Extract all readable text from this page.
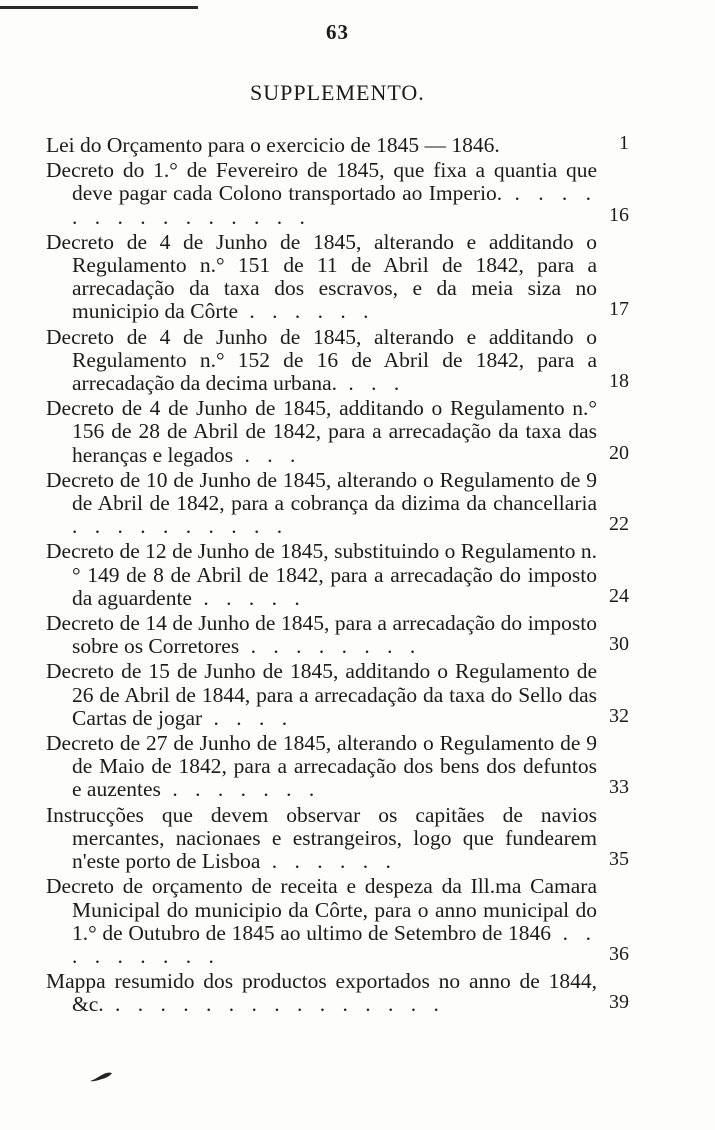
63
SUPPLEMENTO.
Lei do Orçamento para o exercicio de 1845 — 1846.	1
Decreto do 1.° de Fevereiro de 1845, que fixa a quantia que deve pagar cada Colono transportado ao Imperio. . . . . . . . . . . . . . . .	16
Decreto de 4 de Junho de 1845, alterando e additando o Regulamento n.° 151 de 11 de Abril de 1842, para a arrecadação da taxa dos escravos, e da meia siza no municipio da Côrte . . . . . .	17
Decreto de 4 de Junho de 1845, alterando e additando o Regulamento n.° 152 de 16 de Abril de 1842, para a arrecadação da decima urbana. . . .	18
Decreto de 4 de Junho de 1845, additando o Regulamento n.° 156 de 28 de Abril de 1842, para a arrecadação da taxa das heranças e legados . . .	20
Decreto de 10 de Junho de 1845, alterando o Regulamento de 9 de Abril de 1842, para a cobrança da dizima da chancellaria . . . . . . . . . .	22
Decreto de 12 de Junho de 1845, substituindo o Regulamento n.° 149 de 8 de Abril de 1842, para a arrecadação do imposto da aguardente . . . . .	24
Decreto de 14 de Junho de 1845, para a arrecadação do imposto sobre os Corretores . . . . . . . .	30
Decreto de 15 de Junho de 1845, additando o Regulamento de 26 de Abril de 1844, para a arrecadação da taxa do Sello das Cartas de jogar . . . .	32
Decreto de 27 de Junho de 1845, alterando o Regulamento de 9 de Maio de 1842, para a arrecadação dos bens dos defuntos e auzentes . . . . . . .	33
Instrucções que devem observar os capitães de navios mercantes, nacionaes e estrangeiros, logo que fundearem n'este porto de Lisboa . . . . . .	35
Decreto de orçamento de receita e despeza da Ill.ma Camara Municipal do municipio da Côrte, para o anno municipal do 1.° de Outubro de 1845 ao ultimo de Setembro de 1846 . . . . . . . . .	36
Mappa resumido dos productos exportados no anno de 1844, &c. . . . . . . . . . . . . . . .	39
